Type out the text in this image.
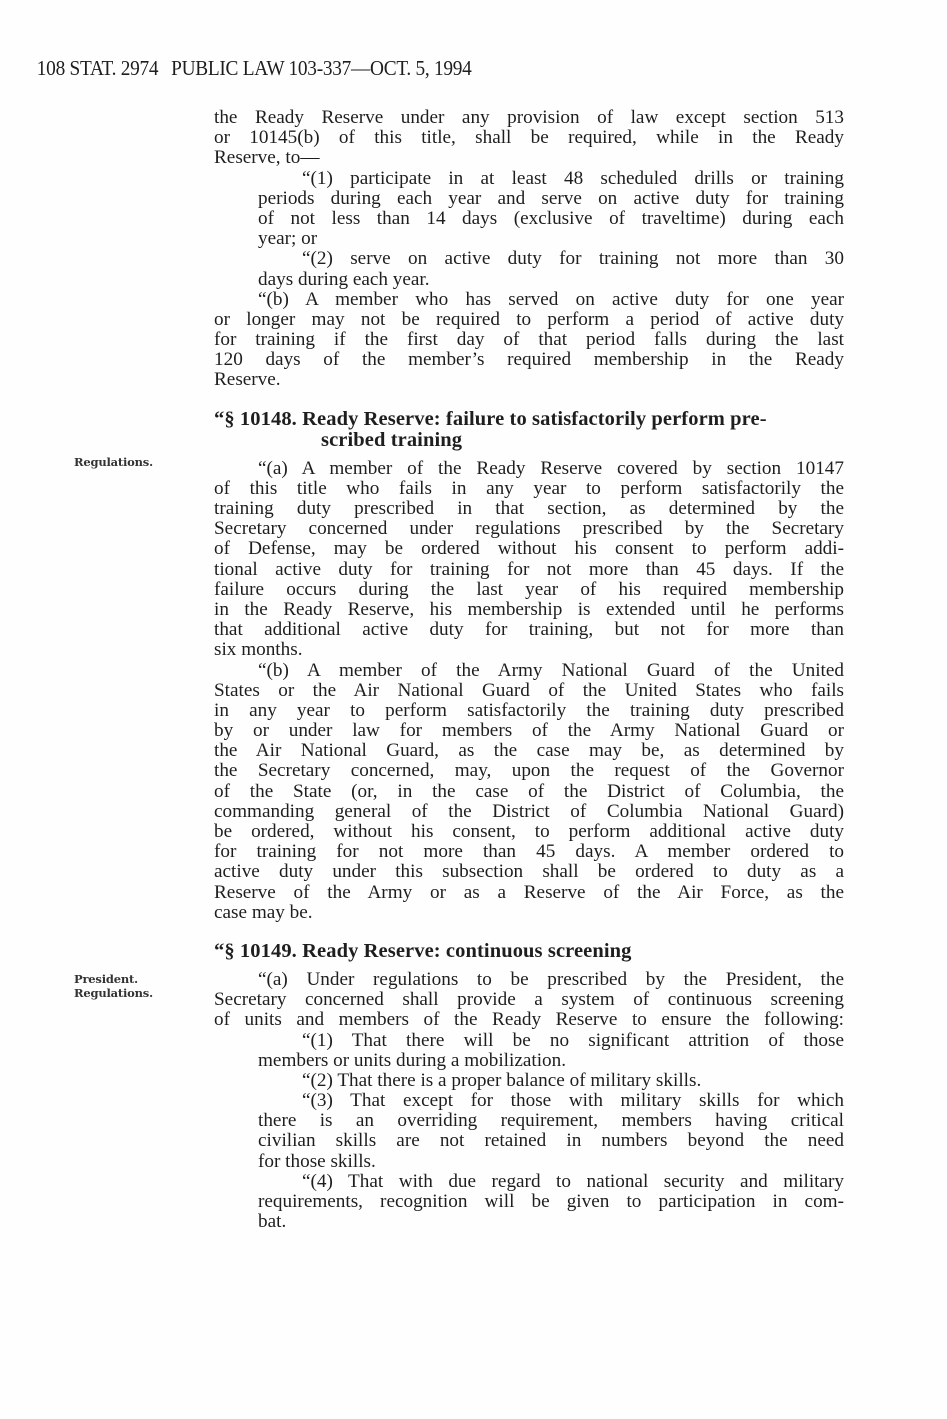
108 STAT. 2974 PUBLIC LAW 103-337—OCT. 5, 1994
Regulations.
President.
Regulations.
the Ready Reserve under any provision of law except section 513
or 10145(b) of this title, shall be required, while in the Ready
Reserve, to—
“(1) participate in at least 48 scheduled drills or training
periods during each year and serve on active duty for training
of not less than 14 days (exclusive of traveltime) during each
year; or
“(2) serve on active duty for training not more than 30
days during each year.
“(b) A member who has served on active duty for one year
or longer may not be required to perform a period of active duty
for training if the first day of that period falls during the last
120 days of the member’s required membership in the Ready
Reserve.
“§ 10148. Ready Reserve: failure to satisfactorily perform pre-
scribed training
“(a) A member of the Ready Reserve covered by section 10147
of this title who fails in any year to perform satisfactorily the
training duty prescribed in that section, as determined by the
Secretary concerned under regulations prescribed by the Secretary
of Defense, may be ordered without his consent to perform addi-
tional active duty for training for not more than 45 days. If the
failure occurs during the last year of his required membership
in the Ready Reserve, his membership is extended until he performs
that additional active duty for training, but not for more than
six months.
“(b) A member of the Army National Guard of the United
States or the Air National Guard of the United States who fails
in any year to perform satisfactorily the training duty prescribed
by or under law for members of the Army National Guard or
the Air National Guard, as the case may be, as determined by
the Secretary concerned, may, upon the request of the Governor
of the State (or, in the case of the District of Columbia, the
commanding general of the District of Columbia National Guard)
be ordered, without his consent, to perform additional active duty
for training for not more than 45 days. A member ordered to
active duty under this subsection shall be ordered to duty as a
Reserve of the Army or as a Reserve of the Air Force, as the
case may be.
“§ 10149. Ready Reserve: continuous screening
“(a) Under regulations to be prescribed by the President, the
Secretary concerned shall provide a system of continuous screening
of units and members of the Ready Reserve to ensure the following:
“(1) That there will be no significant attrition of those
members or units during a mobilization.
“(2) That there is a proper balance of military skills.
“(3) That except for those with military skills for which
there is an overriding requirement, members having critical
civilian skills are not retained in numbers beyond the need
for those skills.
“(4) That with due regard to national security and military
requirements, recognition will be given to participation in com-
bat.
